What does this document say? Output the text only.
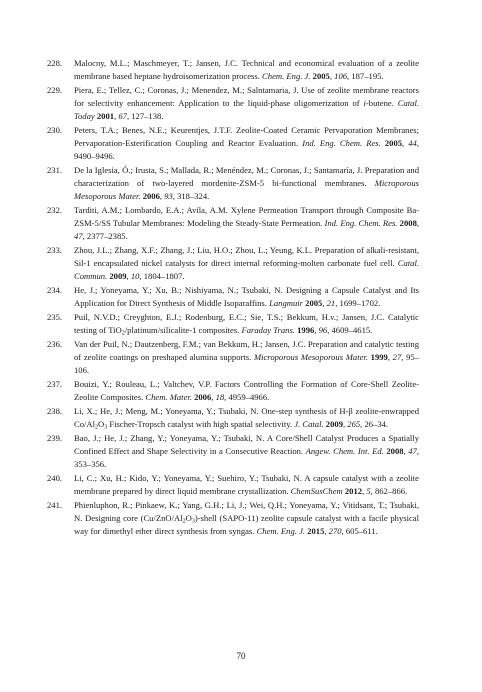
228. Malocny, M.L.; Maschmeyer, T.; Jansen, J.C. Technical and economical evaluation of a zeolite membrane based heptane hydroisomerization process. Chem. Eng. J. 2005, 106, 187–195.
229. Piera, E.; Tellez, C.; Coronas, J.; Menendez, M.; Salntamaria, J. Use of zeolite membrane reactors for selectivity enhancement: Application to the liquid-phase oligomerization of i-butene. Catal. Today 2001, 67, 127–138.
230. Peters, T.A.; Benes, N.E.; Keurentjes, J.T.F. Zeolite-Coated Ceramic Pervaporation Membranes; Pervaporation-Esterification Coupling and Reactor Evaluation. Ind. Eng. Chem. Res. 2005, 44, 9490–9496.
231. De la Iglesia, Ó.; Irusta, S.; Mallada, R.; Menéndez, M.; Coronas, J.; Santamaría, J. Preparation and characterization of two-layered mordenite-ZSM-5 bi-functional membranes. Microporous Mesoporous Mater. 2006, 93, 318–324.
232. Tarditi, A.M.; Lombardo, E.A.; Avila, A.M. Xylene Permeation Transport through Composite Ba-ZSM-5/SS Tubular Membranes: Modeling the Steady-State Permeation. Ind. Eng. Chem. Res. 2008, 47, 2377–2385.
233. Zhou, J.L.; Zhang, X.F.; Zhang, J.; Liu, H.O.; Zhou, L.; Yeung, K.L. Preparation of alkali-resistant, Sil-1 encapsulated nickel catalysts for direct internal reforming-molten carbonate fuel cell. Catal. Commun. 2009, 10, 1804–1807.
234. He, J.; Yoneyama, Y.; Xu, B.; Nishiyama, N.; Tsubaki, N. Designing a Capsule Catalyst and Its Application for Direct Synthesis of Middle Isoparaffins. Langmuir 2005, 21, 1699–1702.
235. Puil, N.V.D.; Creyghton, E.J.; Rodenburg, E.C.; Sie, T.S.; Bekkum, H.v.; Jansen, J.C. Catalytic testing of TiO$_2$/platinum/silicalite-1 composites. Faraday Trans. 1996, 96, 4609–4615.
236. Van der Puil, N.; Dautzenberg, F.M.; van Bekkum, H.; Jansen, J.C. Preparation and catalytic testing of zeolite coatings on preshaped alumina supports. Microporous Mesoporous Mater. 1999, 27, 95–106.
237. Bouizi, Y.; Rouleau, L.; Valtchev, V.P. Factors Controlling the Formation of Core-Shell Zeolite-Zeolite Composites. Chem. Mater. 2006, 18, 4959–4966.
238. Li, X.; He, J.; Meng, M.; Yoneyama, Y.; Tsubaki, N. One-step synthesis of H-β zeolite-enwrapped $Co/Al_2O_3$ Fischer-Tropsch catalyst with high spatial selectivity. J. Catal. 2009, 265, 26–34.
239. Bao, J.; He, J.; Zhang, Y.; Yoneyama, Y.; Tsubaki, N. A Core/Shell Catalyst Produces a Spatially Confined Effect and Shape Selectivity in a Consecutive Reaction. Angew. Chem. Int. Ed. 2008, 47, 353–356.
240. Li, C.; Xu, H.; Kido, Y.; Yoneyama, Y.; Suehiro, Y.; Tsubaki, N. A capsule catalyst with a zeolite membrane prepared by direct liquid membrane crystallization. ChemSusChem 2012, 5, 862–866.
241. Phienluphon, R.; Pinkaew, K.; Yang, G.H.; Li, J.; Wei, Q.H.; Yoneyama, Y.; Vitidsant, T.; Tsubaki, N. Designing core $(Cu/ZnO/Al_2O_3)$-shell (SAPO-11) zeolite capsule catalyst with a facile physical way for dimethyl ether direct synthesis from syngas. Chem. Eng. J. 2015, 270, 605–611.
70
